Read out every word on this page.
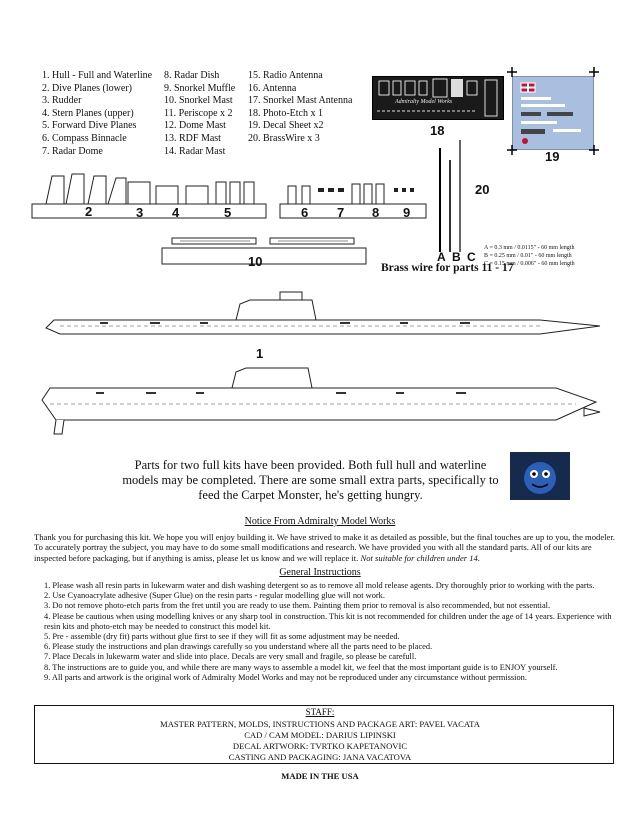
1. Hull - Full and Waterline
2. Dive Planes (lower)
3. Rudder
4. Stern Planes (upper)
5. Forward Dive Planes
6. Compass Binnacle
7. Radar Dome
8. Radar Dish
9. Snorkel Muffle
10. Snorkel Mast
11. Periscope x 2
12. Dome Mast
13. RDF Mast
14. Radar Mast
15. Radio Antenna
16. Antenna
17. Snorkel Mast Antenna
18. Photo-Etch x 1
19. Decal Sheet x2
20. BrassWire x 3
Admiralty Model Works
18
19
20
A B C
A = 0.3 mm / 0.0115" - 60 mm length
B = 0.25 mm / 0.01" - 60 mm length
C = 0.15 mm / 0.006" - 60 mm length
Brass wire for parts 11 - 17
2	3 4	5	6 7 8 9
10
1
Parts for two full kits have been provided. Both full hull and waterline models may be completed. There are some small extra parts, specifically to feed the Carpet Monster, he's getting hungry.
Notice From Admiralty Model Works
Thank you for purchasing this kit. We hope you will enjoy building it. We have strived to make it as detailed as possible, but the final touches are up to you, the modeler. To accurately portray the subject, you may have to do some small modifications and research. We have provided you with all the standard parts. All of our kits are inspected before packaging, but if anything is amiss, please let us know and we will replace it. Not suitable for children under 14.
General Instructions
1. Please wash all resin parts in lukewarm water and dish washing detergent so as to remove all mold release agents. Dry thoroughly prior to working with the parts.
2. Use Cyanoacrylate adhesive (Super Glue) on the resin parts - regular modelling glue will not work.
3. Do not remove photo-etch parts from the fret until you are ready to use them. Painting them prior to removal is also recommended, but not essential.
4. Please be cautious when using modelling knives or any sharp tool in construction. This kit is not recommended for children under the age of 14 years. Experience with resin kits and photo-etch may be needed to construct this model kit.
5. Pre - assemble (dry fit) parts without glue first to see if they will fit as some adjustment may be needed.
6. Please study the instructions and plan drawings carefully so you understand where all the parts need to be placed.
7. Place Decals in lukewarm water and slide into place. Decals are very small and fragile, so please be carefull.
8. The instructions are to guide you, and while there are many ways to assemble a model kit, we feel that the most important guide is to ENJOY yourself.
9. All parts and artwork is the original work of Admiralty Model Works and may not be reproduced under any circumstance without permission.
STAFF:
MASTER PATTERN, MOLDS, INSTRUCTIONS AND PACKAGE ART: PAVEL VACATA
CAD / CAM MODEL: DARIUS LIPINSKI
DECAL ARTWORK: TVRTKO KAPETANOVIC
CASTING AND PACKAGING: JANA VACATOVA
MADE IN THE USA
